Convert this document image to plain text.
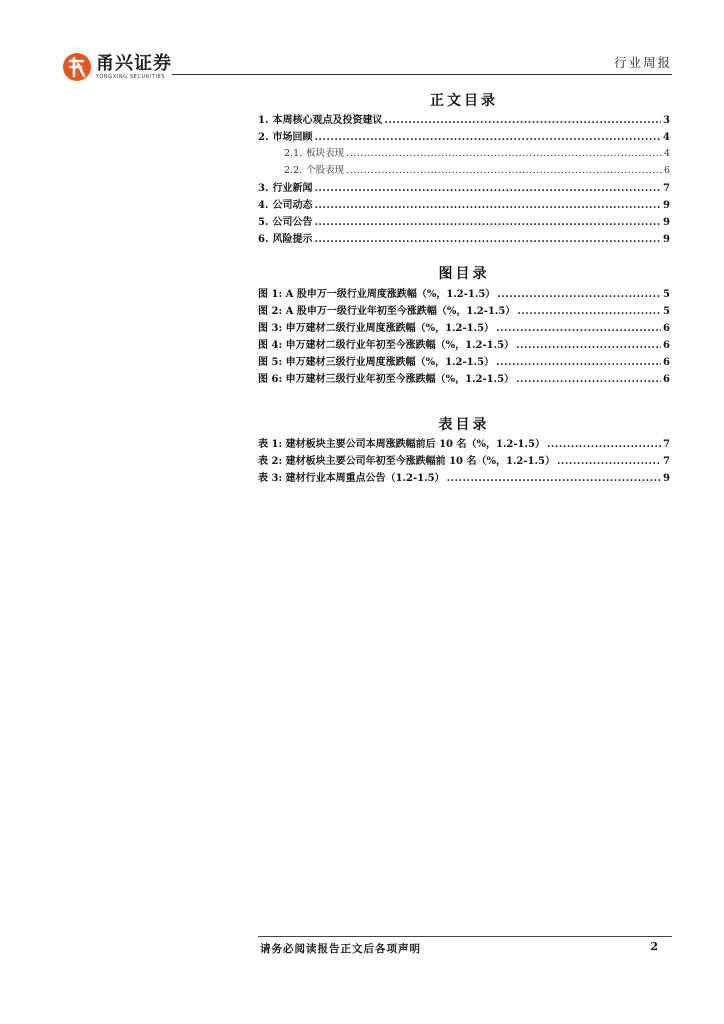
甬兴证券
YONGXING SECURITIES
行业周报
正文目录
1. 本周核心观点及投资建议 .....	3
2. 市场回顾 .....	4
2.1. 板块表现 .....	4
2.2. 个股表现 .....	6
3. 行业新闻 .....	7
4. 公司动态 .....	9
5. 公司公告 .....	9
6. 风险提示 .....	9
图目录
图 1: A 股申万一级行业周度涨跌幅（%，1.2-1.5） .....	5
图 2: A 股申万一级行业年初至今涨跌幅（%，1.2-1.5） .....	5
图 3: 申万建材二级行业周度涨跌幅（%，1.2-1.5） .....	6
图 4: 申万建材二级行业年初至今涨跌幅（%，1.2-1.5） .....	6
图 5: 申万建材三级行业周度涨跌幅（%，1.2-1.5） .....	6
图 6: 申万建材三级行业年初至今涨跌幅（%，1.2-1.5） .....	6
表目录
表 1: 建材板块主要公司本周涨跌幅前后 10 名（%，1.2-1.5） .....	7
表 2: 建材板块主要公司年初至今涨跌幅前 10 名（%，1.2-1.5） .....	7
表 3: 建材行业本周重点公告（1.2-1.5） .....	9
请务必阅读报告正文后各项声明	2
